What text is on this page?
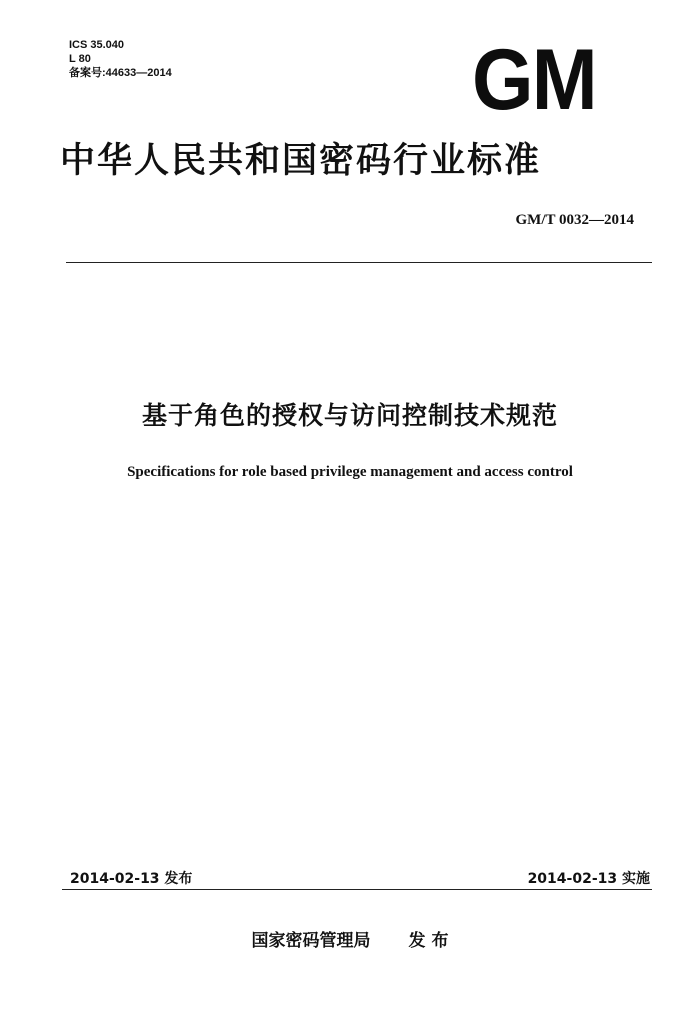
ICS 35.040
L 80
备案号:44633—2014	GM
中华人民共和国密码行业标准
GM/T 0032—2014
基于角色的授权与访问控制技术规范
Specifications for role based privilege management and access control
2014-02-13 发布	2014-02-13 实施
国家密码管理局 发 布
